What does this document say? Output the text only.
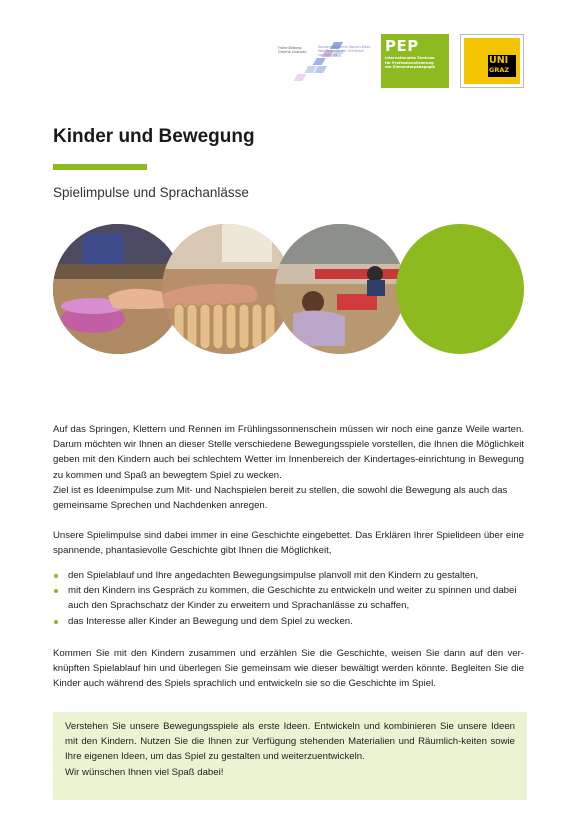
Frühe Bildung
Gleiche Chancen
Sonderprogramm Sprach-Kitas
Weil Sprache der Schlüssel
zur Welt ist
PEP
Internationales Zentrum
für Professionalisierung
der Elementarpädagogik
UNI
GRAZ
Kinder und Bewegung
Spielimpulse und Sprachanlässe
Auf das Springen, Klettern und Rennen im Frühlingssonnenschein müssen wir noch eine ganze Weile warten. Darum möchten wir Ihnen an dieser Stelle verschiedene Bewegungsspiele vorstellen, die Ihnen die Möglichkeit geben mit den Kindern auch bei schlechtem Wetter im Innenbereich der Kindertages-einrichtung in Bewegung zu kommen und Spaß an bewegtem Spiel zu wecken.
Ziel ist es Ideenimpulse zum Mit- und Nachspielen bereit zu stellen, die sowohl die Bewegung als auch das gemeinsame Sprechen und Nachdenken anregen.
Unsere Spielimpulse sind dabei immer in eine Geschichte eingebettet. Das Erklären Ihrer Spielideen über eine spannende, phantasievolle Geschichte gibt Ihnen die Möglichkeit,
den Spielablauf und Ihre angedachten Bewegungsimpulse planvoll mit den Kindern zu gestalten,
mit den Kindern ins Gespräch zu kommen, die Geschichte zu entwickeln und weiter zu spinnen und dabei auch den Sprachschatz der Kinder zu erweitern und Sprachanlässe zu schaffen,
das Interesse aller Kinder an Bewegung und dem Spiel zu wecken.
Kommen Sie mit den Kindern zusammen und erzählen Sie die Geschichte, weisen Sie dann auf den ver-knüpften Spielablauf hin und überlegen Sie gemeinsam wie dieser bewältigt werden könnte. Begleiten Sie die Kinder auch während des Spiels sprachlich und entwickeln sie so die Geschichte im Spiel.
Verstehen Sie unsere Bewegungsspiele als erste Ideen. Entwickeln und kombinieren Sie unsere Ideen mit den Kindern. Nutzen Sie die Ihnen zur Verfügung stehenden Materialien und Räumlich-keiten sowie Ihre eigenen Ideen, um das Spiel zu gestalten und weiterzuentwickeln.
Wir wünschen Ihnen viel Spaß dabei!
